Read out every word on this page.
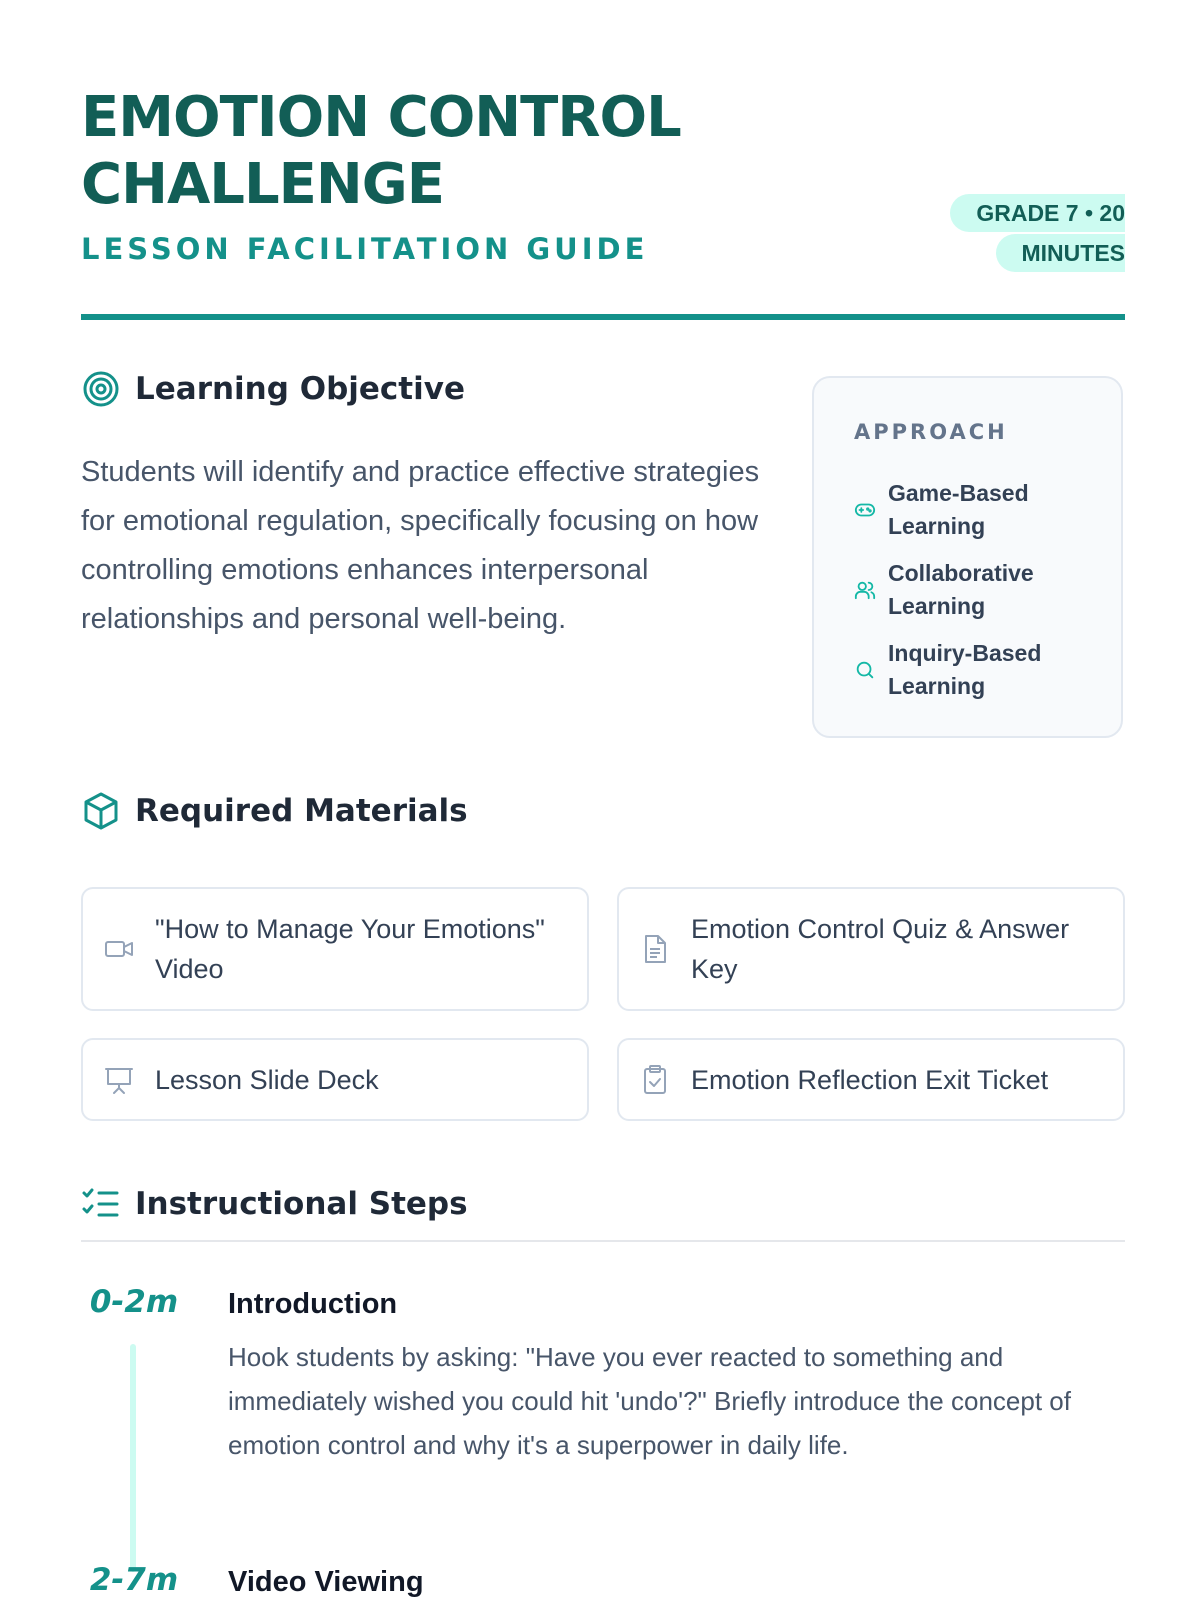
EMOTION CONTROL CHALLENGE

LESSON FACILITATION GUIDE

GRADE 7 • 20 MINUTES
Learning Objective

Students will identify and practice effective strategies for emotional regulation, specifically focusing on how controlling emotions enhances interpersonal relationships and personal well-being.

APPROACH

Game-Based Learning
Collaborative Learning
Inquiry-Based Learning
Required Materials
"How to Manage Your Emotions" Video
Emotion Control Quiz & Answer Key
Lesson Slide Deck	Emotion Reflection Exit Ticket
Instructional Steps
0-2m	Introduction

Hook students by asking: "Have you ever reacted to something and immediately wished you could hit 'undo'?" Briefly introduce the concept of emotion control and why it's a superpower in daily life.

2-7m	Video Viewing
